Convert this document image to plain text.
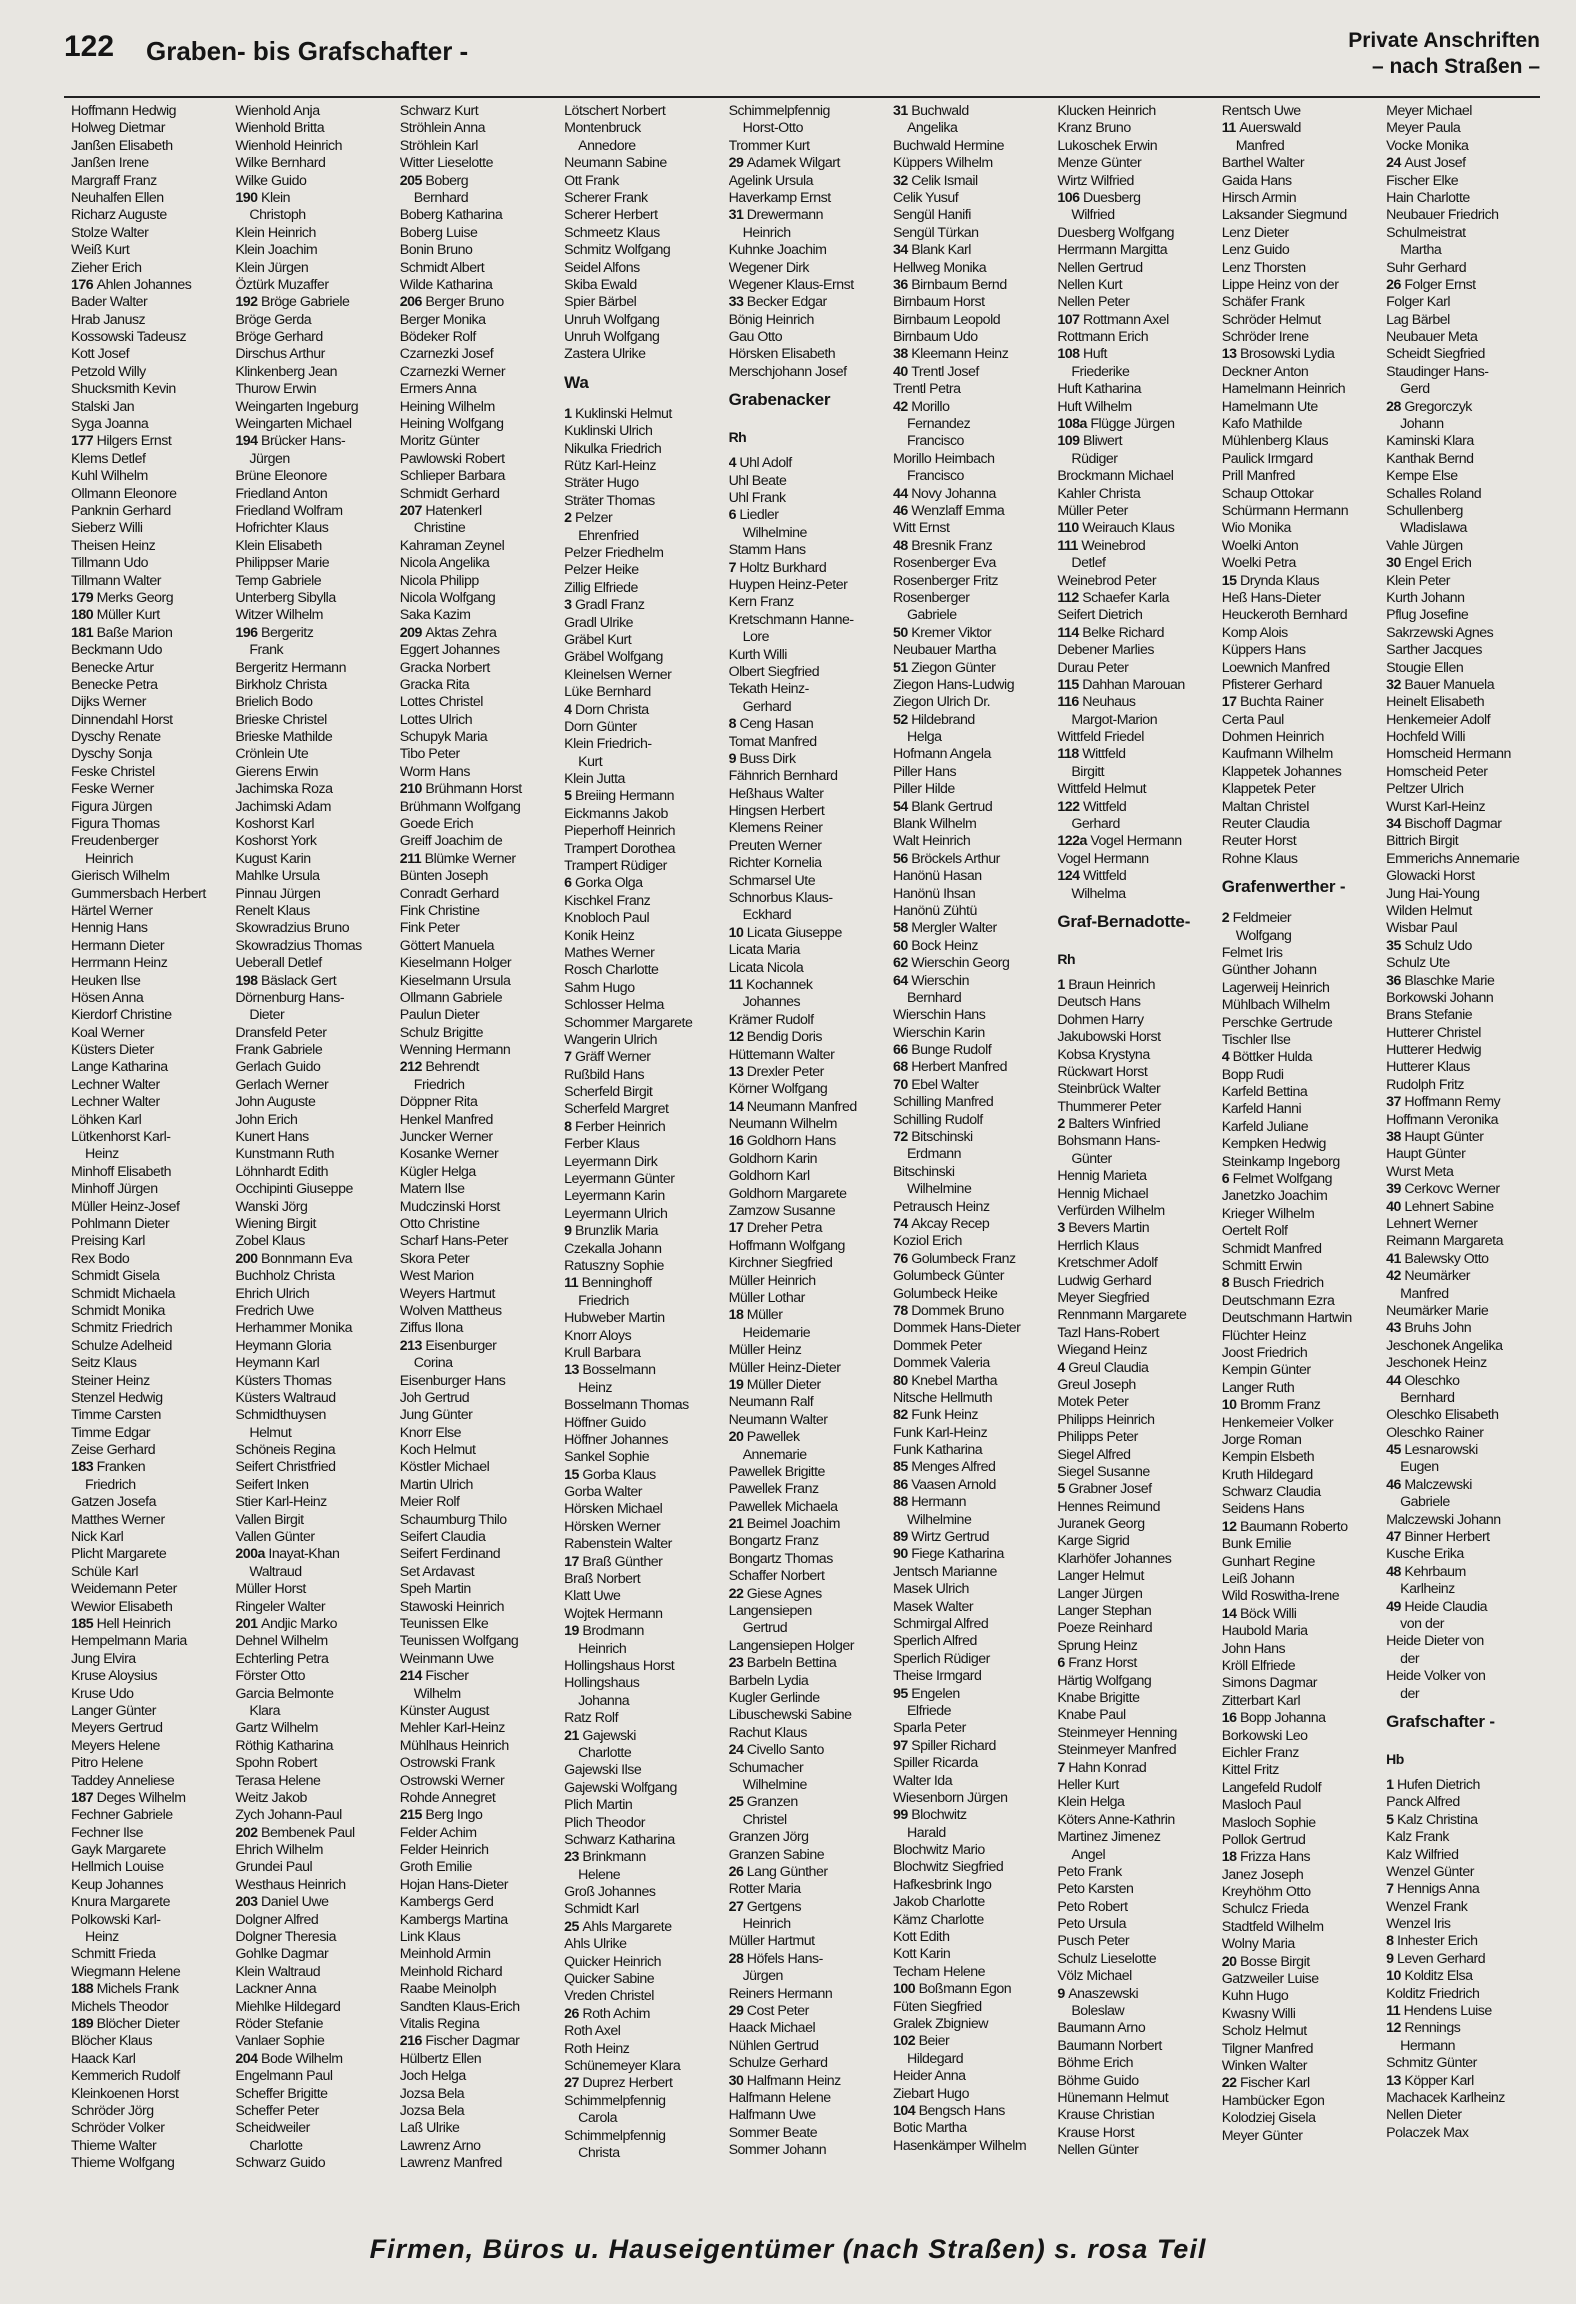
122 Graben- bis Grafschafter -	Private Anschriften
– nach Straßen –
Hoffmann Hedwig
Holweg Dietmar
Janßen Elisabeth
Janßen Irene
Margraff Franz
Neuhalfen Ellen
Richarz Auguste
Stolze Walter
Weiß Kurt
Zieher Erich
176 Ahlen Johannes
Bader Walter
Hrab Janusz
Kossowski Tadeusz
Kott Josef
Petzold Willy
Shucksmith Kevin
Stalski Jan
Syga Joanna
177 Hilgers Ernst
Klems Detlef
Kuhl Wilhelm
Ollmann Eleonore
Panknin Gerhard
Sieberz Willi
Theisen Heinz
Tillmann Udo
Tillmann Walter
179 Merks Georg
180 Müller Kurt
181 Baße Marion
Beckmann Udo
Benecke Artur
Benecke Petra
Dijks Werner
Dinnendahl Horst
Dyschy Renate
Dyschy Sonja
Feske Christel
Feske Werner
Figura Jürgen
Figura Thomas
Freudenberger
Heinrich
Gierisch Wilhelm
Gummersbach Herbert
Härtel Werner
Hennig Hans
Hermann Dieter
Herrmann Heinz
Heuken Ilse
Hösen Anna
Kierdorf Christine
Koal Werner
Küsters Dieter
Lange Katharina
Lechner Walter
Lechner Walter
Löhken Karl
Lütkenhorst Karl-
Heinz
Minhoff Elisabeth
Minhoff Jürgen
Müller Heinz-Josef
Pohlmann Dieter
Preising Karl
Rex Bodo
Schmidt Gisela
Schmidt Michaela
Schmidt Monika
Schmitz Friedrich
Schulze Adelheid
Seitz Klaus
Steiner Heinz
Stenzel Hedwig
Timme Carsten
Timme Edgar
Zeise Gerhard
183 Franken
Friedrich
Gatzen Josefa
Matthes Werner
Nick Karl
Plicht Margarete
Schüle Karl
Weidemann Peter
Wewior Elisabeth
185 Hell Heinrich
Hempelmann Maria
Jung Elvira
Kruse Aloysius
Kruse Udo
Langer Günter
Meyers Gertrud
Meyers Helene
Pitro Helene
Taddey Anneliese
187 Deges Wilhelm
Fechner Gabriele
Fechner Ilse
Gayk Margarete
Hellmich Louise
Keup Johannes
Knura Margarete
Polkowski Karl-
Heinz
Schmitt Frieda
Wiegmann Helene
188 Michels Frank
Michels Theodor
189 Blöcher Dieter
Blöcher Klaus
Haack Karl
Kemmerich Rudolf
Kleinkoenen Horst
Schröder Jörg
Schröder Volker
Thieme Walter
Thieme Wolfgang
Wienhold Anja
Wienhold Britta
Wienhold Heinrich
Wilke Bernhard
Wilke Guido
190 Klein
Christoph
Klein Heinrich
Klein Joachim
Klein Jürgen
Öztürk Muzaffer
192 Bröge Gabriele
Bröge Gerda
Bröge Gerhard
Dirschus Arthur
Klinkenberg Jean
Thurow Erwin
Weingarten Ingeburg
Weingarten Michael
194 Brücker Hans-
Jürgen
Brüne Eleonore
Friedland Anton
Friedland Wolfram
Hofrichter Klaus
Klein Elisabeth
Philippser Marie
Temp Gabriele
Unterberg Sibylla
Witzer Wilhelm
196 Bergeritz
Frank
Bergeritz Hermann
Birkholz Christa
Brielich Bodo
Brieske Christel
Brieske Mathilde
Crönlein Ute
Gierens Erwin
Jachimska Roza
Jachimski Adam
Koshorst Karl
Koshorst York
Kugust Karin
Mahlke Ursula
Pinnau Jürgen
Renelt Klaus
Skowradzius Bruno
Skowradzius Thomas
Ueberall Detlef
198 Bäslack Gert
Dörnenburg Hans-
Dieter
Dransfeld Peter
Frank Gabriele
Gerlach Guido
Gerlach Werner
John Auguste
John Erich
Kunert Hans
Kunstmann Ruth
Löhnhardt Edith
Occhipinti Giuseppe
Wanski Jörg
Wiening Birgit
Zobel Klaus
200 Bonnmann Eva
Buchholz Christa
Ehrich Ulrich
Fredrich Uwe
Herhammer Monika
Heymann Gloria
Heymann Karl
Küsters Thomas
Küsters Waltraud
Schmidthuysen
Helmut
Schöneis Regina
Seifert Christfried
Seifert Inken
Stier Karl-Heinz
Vallen Birgit
Vallen Günter
200a Inayat-Khan
Waltraud
Müller Horst
Ringeler Walter
201 Andjic Marko
Dehnel Wilhelm
Echterling Petra
Förster Otto
Garcia Belmonte
Klara
Gartz Wilhelm
Röthig Katharina
Spohn Robert
Terasa Helene
Weitz Jakob
Zych Johann-Paul
202 Bembenek Paul
Ehrich Wilhelm
Grundei Paul
Westhaus Heinrich
203 Daniel Uwe
Dolgner Alfred
Dolgner Theresia
Gohlke Dagmar
Klein Waltraud
Lackner Anna
Miehlke Hildegard
Röder Stefanie
Vanlaer Sophie
204 Bode Wilhelm
Engelmann Paul
Scheffer Brigitte
Scheffer Peter
Scheidweiler
Charlotte
Schwarz Guido
Schwarz Kurt
Ströhlein Anna
Ströhlein Karl
Witter Lieselotte
205 Boberg
Bernhard
Boberg Katharina
Boberg Luise
Bonin Bruno
Schmidt Albert
Wilde Katharina
206 Berger Bruno
Berger Monika
Bödeker Rolf
Czarnezki Josef
Czarnezki Werner
Ermers Anna
Heining Wilhelm
Heining Wolfgang
Moritz Günter
Pawlowski Robert
Schlieper Barbara
Schmidt Gerhard
207 Hatenkerl
Christine
Kahraman Zeynel
Nicola Angelika
Nicola Philipp
Nicola Wolfgang
Saka Kazim
209 Aktas Zehra
Eggert Johannes
Gracka Norbert
Gracka Rita
Lottes Christel
Lottes Ulrich
Schupyk Maria
Tibo Peter
Worm Hans
210 Brühmann Horst
Brühmann Wolfgang
Goede Erich
Greiff Joachim de
211 Blümke Werner
Bünten Joseph
Conradt Gerhard
Fink Christine
Fink Peter
Göttert Manuela
Kieselmann Holger
Kieselmann Ursula
Ollmann Gabriele
Paulun Dieter
Schulz Brigitte
Wenning Hermann
212 Behrendt
Friedrich
Döppner Rita
Henkel Manfred
Juncker Werner
Kosanke Werner
Kügler Helga
Matern Ilse
Mudczinski Horst
Otto Christine
Scharf Hans-Peter
Skora Peter
West Marion
Weyers Hartmut
Wolven Mattheus
Ziffus Ilona
213 Eisenburger
Corina
Eisenburger Hans
Joh Gertrud
Jung Günter
Knorr Else
Koch Helmut
Köstler Michael
Martin Ulrich
Meier Rolf
Schaumburg Thilo
Seifert Claudia
Seifert Ferdinand
Set Ardavast
Speh Martin
Stawoski Heinrich
Teunissen Elke
Teunissen Wolfgang
Weinmann Uwe
214 Fischer
Wilhelm
Künster August
Mehler Karl-Heinz
Mühlhaus Heinrich
Ostrowski Frank
Ostrowski Werner
Rohde Annegret
215 Berg Ingo
Felder Achim
Felder Heinrich
Groth Emilie
Hojan Hans-Dieter
Kambergs Gerd
Kambergs Martina
Link Klaus
Meinhold Armin
Meinhold Richard
Raabe Meinolph
Sandten Klaus-Erich
Vitalis Regina
216 Fischer Dagmar
Hülbertz Ellen
Joch Helga
Jozsa Bela
Jozsa Bela
Laß Ulrike
Lawrenz Arno
Lawrenz Manfred
Lötschert Norbert
Montenbruck
Annedore
Neumann Sabine
Ott Frank
Scherer Frank
Scherer Herbert
Schmeetz Klaus
Schmitz Wolfgang
Seidel Alfons
Skiba Ewald
Spier Bärbel
Unruh Wolfgang
Unruh Wolfgang
Zastera Ulrike
Wa
1 Kuklinski Helmut
Kuklinski Ulrich
Nikulka Friedrich
Rütz Karl-Heinz
Sträter Hugo
Sträter Thomas
2 Pelzer
Ehrenfried
Pelzer Friedhelm
Pelzer Heike
Zillig Elfriede
3 Gradl Franz
Gradl Ulrike
Gräbel Kurt
Gräbel Wolfgang
Kleinelsen Werner
Lüke Bernhard
4 Dorn Christa
Dorn Günter
Klein Friedrich-
Kurt
Klein Jutta
5 Breiing Hermann
Eickmanns Jakob
Pieperhoff Heinrich
Trampert Dorothea
Trampert Rüdiger
6 Gorka Olga
Kischkel Franz
Knobloch Paul
Konik Heinz
Mathes Werner
Rosch Charlotte
Sahm Hugo
Schlosser Helma
Schommer Margarete
Wangerin Ulrich
7 Gräff Werner
Rußbild Hans
Scherfeld Birgit
Scherfeld Margret
8 Ferber Heinrich
Ferber Klaus
Leyermann Dirk
Leyermann Günter
Leyermann Karin
Leyermann Ulrich
9 Brunzlik Maria
Czekalla Johann
Ratuszny Sophie
11 Benninghoff
Friedrich
Hubweber Martin
Knorr Aloys
Krull Barbara
13 Bosselmann
Heinz
Bosselmann Thomas
Höffner Guido
Höffner Johannes
Sankel Sophie
15 Gorba Klaus
Gorba Walter
Hörsken Michael
Hörsken Werner
Rabenstein Walter
17 Braß Günther
Braß Norbert
Klatt Uwe
Wojtek Hermann
19 Brodmann
Heinrich
Hollingshaus Horst
Hollingshaus
Johanna
Ratz Rolf
21 Gajewski
Charlotte
Gajewski Ilse
Gajewski Wolfgang
Plich Martin
Plich Theodor
Schwarz Katharina
23 Brinkmann
Helene
Groß Johannes
Schmidt Karl
25 Ahls Margarete
Ahls Ulrike
Quicker Heinrich
Quicker Sabine
Vreden Christel
26 Roth Achim
Roth Axel
Roth Heinz
Schünemeyer Klara
27 Duprez Herbert
Schimmelpfennig
Carola
Schimmelpfennig
Christa
Schimmelpfennig
Horst-Otto
Trommer Kurt
29 Adamek Wilgart
Agelink Ursula
Haverkamp Ernst
31 Drewermann
Heinrich
Kuhnke Joachim
Wegener Dirk
Wegener Klaus-Ernst
33 Becker Edgar
Bönig Heinrich
Gau Otto
Hörsken Elisabeth
Merschjohann Josef
Grabenacker
Rh
4 Uhl Adolf
Uhl Beate
Uhl Frank
6 Liedler
Wilhelmine
Stamm Hans
7 Holtz Burkhard
Huypen Heinz-Peter
Kern Franz
Kretschmann Hanne-
Lore
Kurth Willi
Olbert Siegfried
Tekath Heinz-
Gerhard
8 Ceng Hasan
Tomat Manfred
9 Buss Dirk
Fähnrich Bernhard
Heßhaus Walter
Hingsen Herbert
Klemens Reiner
Preuten Werner
Richter Kornelia
Schmarsel Ute
Schnorbus Klaus-
Eckhard
10 Licata Giuseppe
Licata Maria
Licata Nicola
11 Kochannek
Johannes
Krämer Rudolf
12 Bendig Doris
Hüttemann Walter
13 Drexler Peter
Körner Wolfgang
14 Neumann Manfred
Neumann Wilhelm
16 Goldhorn Hans
Goldhorn Karin
Goldhorn Karl
Goldhorn Margarete
Zamzow Susanne
17 Dreher Petra
Hoffmann Wolfgang
Kirchner Siegfried
Müller Heinrich
Müller Lothar
18 Müller
Heidemarie
Müller Heinz
Müller Heinz-Dieter
19 Müller Dieter
Neumann Ralf
Neumann Walter
20 Pawellek
Annemarie
Pawellek Brigitte
Pawellek Franz
Pawellek Michaela
21 Beimel Joachim
Bongartz Franz
Bongartz Thomas
Schaffer Norbert
22 Giese Agnes
Langensiepen
Gertrud
Langensiepen Holger
23 Barbeln Bettina
Barbeln Lydia
Kugler Gerlinde
Libuschewski Sabine
Rachut Klaus
24 Civello Santo
Schumacher
Wilhelmine
25 Granzen
Christel
Granzen Jörg
Granzen Sabine
26 Lang Günther
Rotter Maria
27 Gertgens
Heinrich
Müller Hartmut
28 Höfels Hans-
Jürgen
Reiners Hermann
29 Cost Peter
Haack Michael
Nühlen Gertrud
Schulze Gerhard
30 Halfmann Heinz
Halfmann Helene
Halfmann Uwe
Sommer Beate
Sommer Johann
31 Buchwald
Angelika
Buchwald Hermine
Küppers Wilhelm
32 Celik Ismail
Celik Yusuf
Sengül Hanifi
Sengül Türkan
34 Blank Karl
Hellweg Monika
36 Birnbaum Bernd
Birnbaum Horst
Birnbaum Leopold
Birnbaum Udo
38 Kleemann Heinz
40 Trentl Josef
Trentl Petra
42 Morillo
Fernandez
Francisco
Morillo Heimbach
Francisco
44 Novy Johanna
46 Wenzlaff Emma
Witt Ernst
48 Bresnik Franz
Rosenberger Eva
Rosenberger Fritz
Rosenberger
Gabriele
50 Kremer Viktor
Neubauer Martha
51 Ziegon Günter
Ziegon Hans-Ludwig
Ziegon Ulrich Dr.
52 Hildebrand
Helga
Hofmann Angela
Piller Hans
Piller Hilde
54 Blank Gertrud
Blank Wilhelm
Walt Heinrich
56 Bröckels Arthur
Hanönü Hasan
Hanönü Ihsan
Hanönü Zühtü
58 Mergler Walter
60 Bock Heinz
62 Wierschin Georg
64 Wierschin
Bernhard
Wierschin Hans
Wierschin Karin
66 Bunge Rudolf
68 Herbert Manfred
70 Ebel Walter
Schilling Manfred
Schilling Rudolf
72 Bitschinski
Erdmann
Bitschinski
Wilhelmine
Petrausch Heinz
74 Akcay Recep
Koziol Erich
76 Golumbeck Franz
Golumbeck Günter
Golumbeck Heike
78 Dommek Bruno
Dommek Hans-Dieter
Dommek Peter
Dommek Valeria
80 Knebel Martha
Nitsche Hellmuth
82 Funk Heinz
Funk Karl-Heinz
Funk Katharina
85 Menges Alfred
86 Vaasen Arnold
88 Hermann
Wilhelmine
89 Wirtz Gertrud
90 Fiege Katharina
Jentsch Marianne
Masek Ulrich
Masek Walter
Schmirgal Alfred
Sperlich Alfred
Sperlich Rüdiger
Theise Irmgard
95 Engelen
Elfriede
Sparla Peter
97 Spiller Richard
Spiller Ricarda
Walter Ida
Wiesenborn Jürgen
99 Blochwitz
Harald
Blochwitz Mario
Blochwitz Siegfried
Hafkesbrink Ingo
Jakob Charlotte
Kämz Charlotte
Kott Edith
Kott Karin
Techam Helene
100 Boßmann Egon
Füten Siegfried
Gralek Zbigniew
102 Beier
Hildegard
Heider Anna
Ziebart Hugo
104 Bengsch Hans
Botic Martha
Hasenkämper Wilhelm
Klucken Heinrich
Kranz Bruno
Lukoschek Erwin
Menze Günter
Wirtz Wilfried
106 Duesberg
Wilfried
Duesberg Wolfgang
Herrmann Margitta
Nellen Gertrud
Nellen Kurt
Nellen Peter
107 Rottmann Axel
Rottmann Erich
108 Huft
Friederike
Huft Katharina
Huft Wilhelm
108a Flügge Jürgen
109 Bliwert
Rüdiger
Brockmann Michael
Kahler Christa
Müller Peter
110 Weirauch Klaus
111 Weinebrod
Detlef
Weinebrod Peter
112 Schaefer Karla
Seifert Dietrich
114 Belke Richard
Debener Marlies
Durau Peter
115 Dahhan Marouan
116 Neuhaus
Margot-Marion
Wittfeld Friedel
118 Wittfeld
Birgitt
Wittfeld Helmut
122 Wittfeld
Gerhard
122a Vogel Hermann
Vogel Hermann
124 Wittfeld
Wilhelma
Graf-Bernadotte-
Rh
1 Braun Heinrich
Deutsch Hans
Dohmen Harry
Jakubowski Horst
Kobsa Krystyna
Rückwart Horst
Steinbrück Walter
Thummerer Peter
2 Balters Winfried
Bohsmann Hans-
Günter
Hennig Marieta
Hennig Michael
Verfürden Wilhelm
3 Bevers Martin
Herrlich Klaus
Kretschmer Adolf
Ludwig Gerhard
Meyer Siegfried
Rennmann Margarete
Tazl Hans-Robert
Wiegand Heinz
4 Greul Claudia
Greul Joseph
Motek Peter
Philipps Heinrich
Philipps Peter
Siegel Alfred
Siegel Susanne
5 Grabner Josef
Hennes Reimund
Juranek Georg
Karge Sigrid
Klarhöfer Johannes
Langer Helmut
Langer Jürgen
Langer Stephan
Poeze Reinhard
Sprung Heinz
6 Franz Horst
Härtig Wolfgang
Knabe Brigitte
Knabe Paul
Steinmeyer Henning
Steinmeyer Manfred
7 Hahn Konrad
Heller Kurt
Klein Helga
Köters Anne-Kathrin
Martinez Jimenez
Angel
Peto Frank
Peto Karsten
Peto Robert
Peto Ursula
Pusch Peter
Schulz Lieselotte
Völz Michael
9 Anaszewski
Boleslaw
Baumann Arno
Baumann Norbert
Böhme Erich
Böhme Guido
Hünemann Helmut
Krause Christian
Krause Horst
Nellen Günter
Rentsch Uwe
11 Auerswald
Manfred
Barthel Walter
Gaida Hans
Hirsch Armin
Laksander Siegmund
Lenz Dieter
Lenz Guido
Lenz Thorsten
Lippe Heinz von der
Schäfer Frank
Schröder Helmut
Schröder Irene
13 Brosowski Lydia
Deckner Anton
Hamelmann Heinrich
Hamelmann Ute
Kafo Mathilde
Mühlenberg Klaus
Paulick Irmgard
Prill Manfred
Schaup Ottokar
Schürmann Hermann
Wio Monika
Woelki Anton
Woelki Petra
15 Drynda Klaus
Heß Hans-Dieter
Heuckeroth Bernhard
Komp Alois
Küppers Hans
Loewnich Manfred
Pfisterer Gerhard
17 Buchta Rainer
Certa Paul
Dohmen Heinrich
Kaufmann Wilhelm
Klappetek Johannes
Klappetek Peter
Maltan Christel
Reuter Claudia
Reuter Horst
Rohne Klaus
Grafenwerther -
2 Feldmeier
Wolfgang
Felmet Iris
Günther Johann
Lagerweij Heinrich
Mühlbach Wilhelm
Perschke Gertrude
Tischler Ilse
4 Böttker Hulda
Bopp Rudi
Karfeld Bettina
Karfeld Hanni
Karfeld Juliane
Kempken Hedwig
Steinkamp Ingeborg
6 Felmet Wolfgang
Janetzko Joachim
Krieger Wilhelm
Oertelt Rolf
Schmidt Manfred
Schmitt Erwin
8 Busch Friedrich
Deutschmann Ezra
Deutschmann Hartwin
Flüchter Heinz
Joost Friedrich
Kempin Günter
Langer Ruth
10 Bromm Franz
Henkemeier Volker
Jorge Roman
Kempin Elsbeth
Kruth Hildegard
Schwarz Claudia
Seidens Hans
12 Baumann Roberto
Bunk Emilie
Gunhart Regine
Leiß Johann
Wild Roswitha-Irene
14 Böck Willi
Haubold Maria
John Hans
Kröll Elfriede
Simons Dagmar
Zitterbart Karl
16 Bopp Johanna
Borkowski Leo
Eichler Franz
Kittel Fritz
Langefeld Rudolf
Masloch Paul
Masloch Sophie
Pollok Gertrud
18 Frizza Hans
Janez Joseph
Kreyhöhm Otto
Schulcz Frieda
Stadtfeld Wilhelm
Wolny Maria
20 Bosse Birgit
Gatzweiler Luise
Kuhn Hugo
Kwasny Willi
Scholz Helmut
Tilgner Manfred
Winken Walter
22 Fischer Karl
Hambücker Egon
Kolodziej Gisela
Meyer Günter
Meyer Michael
Meyer Paula
Vocke Monika
24 Aust Josef
Fischer Elke
Hain Charlotte
Neubauer Friedrich
Schulmeistrat
Martha
Suhr Gerhard
26 Folger Ernst
Folger Karl
Lag Bärbel
Neubauer Meta
Scheidt Siegfried
Staudinger Hans-
Gerd
28 Gregorczyk
Johann
Kaminski Klara
Kanthak Bernd
Kempe Else
Schalles Roland
Schullenberg
Wladislawa
Vahle Jürgen
30 Engel Erich
Klein Peter
Kurth Johann
Pflug Josefine
Sakrzewski Agnes
Sarther Jacques
Stougie Ellen
32 Bauer Manuela
Heinelt Elisabeth
Henkemeier Adolf
Hochfeld Willi
Homscheid Hermann
Homscheid Peter
Peltzer Ulrich
Wurst Karl-Heinz
34 Bischoff Dagmar
Bittrich Birgit
Emmerichs Annemarie
Glowacki Horst
Jung Hai-Young
Wilden Helmut
Wisbar Paul
35 Schulz Udo
Schulz Ute
36 Blaschke Marie
Borkowski Johann
Brans Stefanie
Hutterer Christel
Hutterer Hedwig
Hutterer Klaus
Rudolph Fritz
37 Hoffmann Remy
Hoffmann Veronika
38 Haupt Günter
Haupt Günter
Wurst Meta
39 Cerkovc Werner
40 Lehnert Sabine
Lehnert Werner
Reimann Margareta
41 Balewsky Otto
42 Neumärker
Manfred
Neumärker Marie
43 Bruhs John
Jeschonek Angelika
Jeschonek Heinz
44 Oleschko
Bernhard
Oleschko Elisabeth
Oleschko Rainer
45 Lesnarowski
Eugen
46 Malczewski
Gabriele
Malczewski Johann
47 Binner Herbert
Kusche Erika
48 Kehrbaum
Karlheinz
49 Heide Claudia
von der
Heide Dieter von
der
Heide Volker von
der
Grafschafter -
Hb
1 Hufen Dietrich
Panck Alfred
5 Kalz Christina
Kalz Frank
Kalz Wilfried
Wenzel Günter
7 Hennigs Anna
Wenzel Frank
Wenzel Iris
8 Inhester Erich
9 Leven Gerhard
10 Kolditz Elsa
Kolditz Friedrich
11 Hendens Luise
12 Rennings
Hermann
Schmitz Günter
13 Köpper Karl
Machacek Karlheinz
Nellen Dieter
Polaczek Max
Firmen, Büros u. Hauseigentümer (nach Straßen) s. rosa Teil
